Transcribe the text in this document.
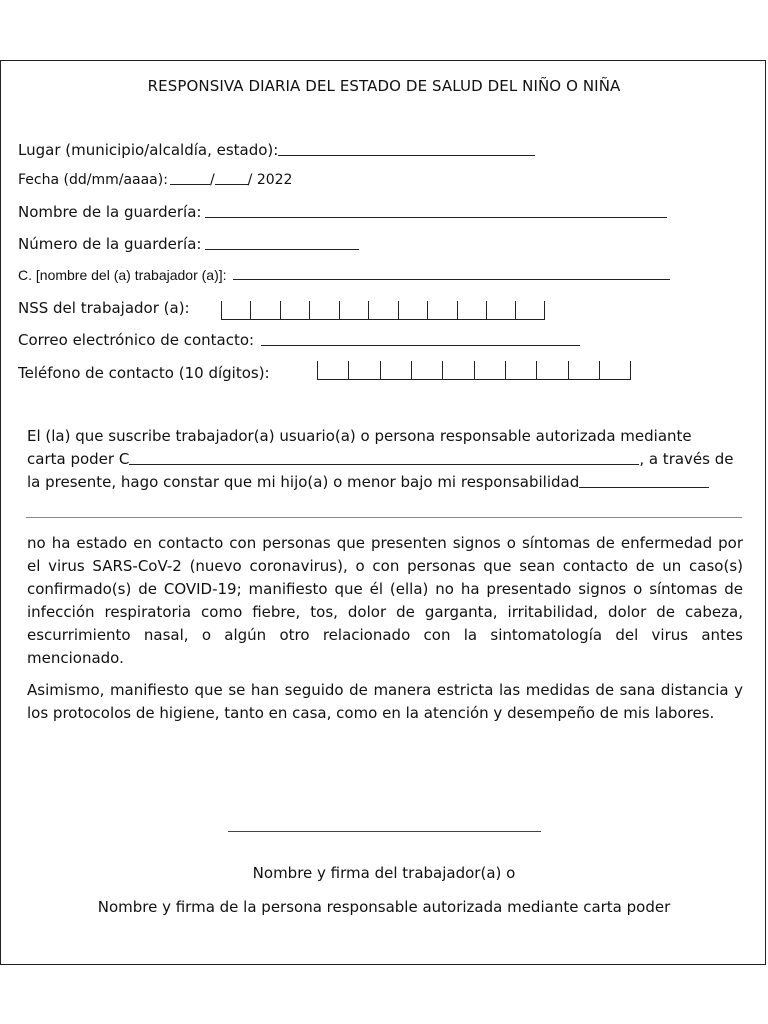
RESPONSIVA DIARIA DEL ESTADO DE SALUD DEL NIÑO O NIÑA
Lugar (municipio/alcaldía, estado):
Fecha (dd/mm/aaaa):	/ / 2022
Nombre de la guardería:
Número de la guardería:
C. [nombre del (a) trabajador (a)]:
NSS del trabajador (a):
Correo electrónico de contacto:
Teléfono de contacto (10 dígitos):
El (la) que suscribe trabajador(a) usuario(a) o persona responsable autorizada mediante
carta poder C	, a través de
la presente, hago constar que mi hijo(a) o menor bajo mi responsabilidad
no ha estado en contacto con personas que presenten signos o síntomas de enfermedad por el virus SARS-CoV-2 (nuevo coronavirus), o con personas que sean contacto de un caso(s) confirmado(s) de COVID-19; manifiesto que él (ella) no ha presentado signos o síntomas de infección respiratoria como fiebre, tos, dolor de garganta, irritabilidad, dolor de cabeza, escurrimiento nasal, o algún otro relacionado con la sintomatología del virus antes mencionado.
Asimismo, manifiesto que se han seguido de manera estricta las medidas de sana distancia y los protocolos de higiene, tanto en casa, como en la atención y desempeño de mis labores.
Nombre y firma del trabajador(a) o
Nombre y firma de la persona responsable autorizada mediante carta poder
